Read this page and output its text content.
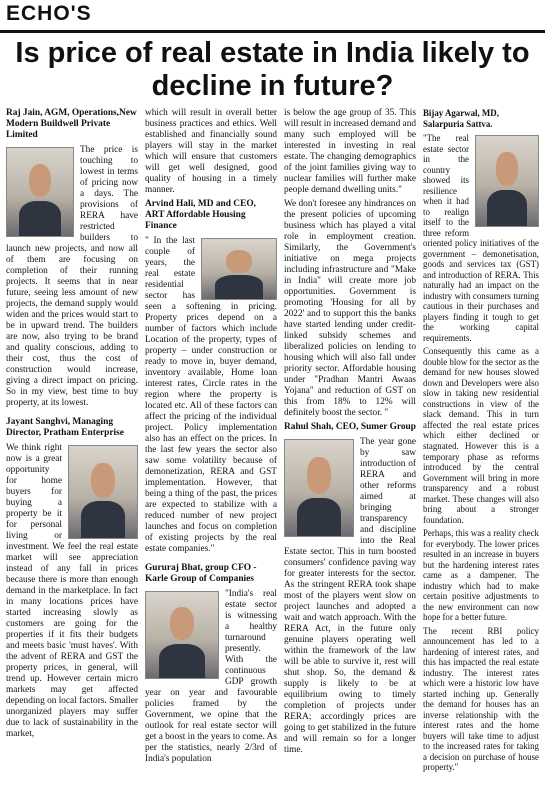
ECHO'S
Is price of real estate in India likely to decline in future?
Raj Jain, AGM, Operations,New Modern Buildwell Private Limited

The price is touching to lowest in terms of pricing now a days. The provisions of RERA have restricted builders to launch new projects, and now all of them are focusing on completion of their running projects. It seems that in near future, seeing less amount of new projects, the demand supply would widen and the prices would start to be in upward trend. The builders are now, also trying to be brand and quality conscious, adding to their cost, thus the cost of construction would increase, giving a direct impact on pricing. So in my view, best time to buy property, at its lowest.

Jayant Sanghvi, Managing Director, Pratham Enterprise

We think right now is a great opportunity for home buyers for buying a property be it for personal living or investment. We feel the real estate market will see appreciation instead of any fall in prices because there is more than enough demand in the marketplace. In fact in many locations prices have started increasing slowly as customers are going for the properties if it fits their budgets and meets basic 'must haves'. With the advent of RERA and GST the property prices, in general, will trend up. However certain micro markets may get affected depending on local factors. Smaller unorganized players may suffer due to lack of sustainability in the market,

which will result in overall better business practices and ethics. Well established and financially sound players will stay in the market which will ensure that customers will get well designed, good quality of housing in a timely manner.

Arvind Hali, MD and CEO, ART Affordable Housing Finance

" In the last couple of years, the real estate residential sector has seen a softening in pricing. Property prices depend on a number of factors which include Location of the property, types of property – under construction or ready to move in, buyer demand, inventory available, Home loan interest rates, Circle rates in the region where the property is located etc. All of these factors can affect the pricing of the individual project. Policy implementation also has an effect on the prices. In the last few years the sector also saw some volatility because of demonetization, RERA and GST implementation. However, that being a thing of the past, the prices are expected to stabilize with a reduced number of new project launches and focus on completion of existing projects by the real estate companies."

Gururaj Bhat, group CFO - Karle Group of Companies

"India's real estate sector is witnessing a healthy turnaround presently. With the continuous GDP growth year on year and favourable policies framed by the Government, we opine that the outlook for real estate sector will get a boost in the years to come. As per the statistics, nearly 2/3rd of India's population

is below the age group of 35. This will result in increased demand and many such employed will be interested in investing in real estate. The changing demographics of the joint families giving way to nuclear families will further make people demand dwelling units."

We don't foresee any hindrances on the present policies of upcoming business which has played a vital role in employment creation. Similarly, the Government's initiative on mega projects including infrastructure and "Make in India" will create more job opportunities. Government is promoting 'Housing for all by 2022' and to support this the banks have started lending under credit-linked subsidy schemes and liberalized policies on lending to housing which will also fall under priority sector. Affordable housing under "Pradhan Mantri Awaas Yojana" and reduction of GST on this from 18% to 12% will definitely boost the sector. "

Rahul Shah, CEO, Sumer Group

The year gone by saw introduction of RERA and other reforms aimed at bringing transparency and discipline into the Real Estate sector. This in turn boosted consumers' confidence paving way for greater interests for the sector. As the stringent RERA took shape most of the players went slow on project launches and adopted a wait and watch approach. With the RERA Act, in the future only genuine players operating well within the framework of the law will be able to survive it, rest will shut shop. So, the demand & supply is likely to be at equilibrium owing to timely completion of projects under RERA; accordingly prices are going to get stabilized in the future and will remain so for a longer time.

Bijay Agarwal, MD, Salarpuria Sattva.

"The real estate sector in the country showed its resilience when it had to realign itself to the three reform oriented policy initiatives of the government – demonetisation, goods and services tax (GST) and introduction of RERA. This naturally had an impact on the industry with consumers turning cautious in their purchases and players finding it tough to get the working capital requirements.

Consequently this came as a double blow for the sector as the demand for new houses slowed down and Developers were also slow in taking new residential constructions in view of the slack demand. This in turn affected the real estate prices which either declined or stagnated. However this is a temporary phase as reforms introduced by the central Government will bring in more transparency and a robust market. These changes will also bring about a stronger foundation.

Perhaps, this was a reality check for everybody. The lower prices resulted in an increase in buyers but the hardening interest rates came as a dampener. The industry which had to make certain positive adjustments to the new environment can now hope for a better future.

The recent RBI policy announcement has led to a hardening of interest rates, and this has impacted the real estate industry. The interest rates which were a historic low have started inching up. Generally the demand for houses has an inverse relationship with the interest rates and the home buyers will take time to adjust to the increased rates for taking a decision on purchase of house property."
